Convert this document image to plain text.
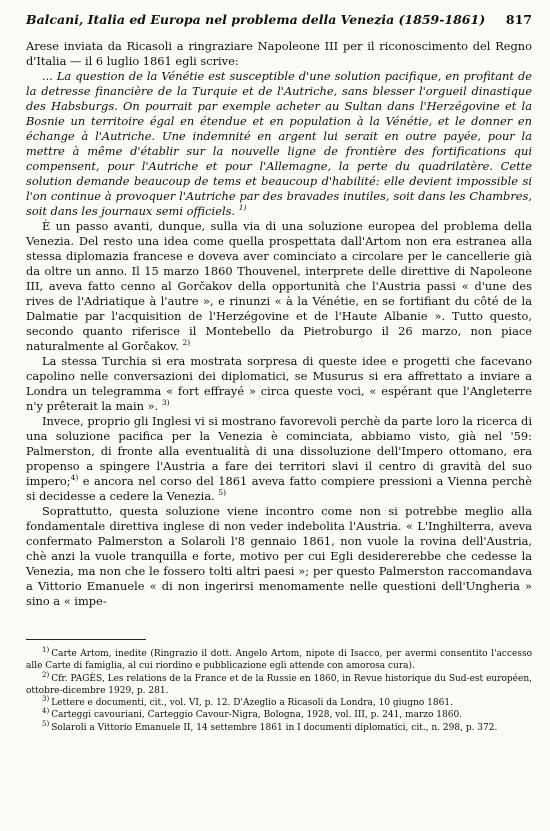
Balcani, Italia ed Europa nel problema della Venezia (1859-1861) 817

Arese inviata da Ricasoli a ringraziare Napoleone III per il riconoscimento del Regno d'Italia — il 6 luglio 1861 egli scrive:

... La question de la Vénétie est susceptible d'une solution pacifique, en profitant de la detresse financière de la Turquie et de l'Autriche, sans blesser l'orgueil dinastique des Habsburgs. On pourrait par exemple acheter au Sultan dans l'Herzégovine et la Bosnie un territoire égal en étendue et en population à la Vénétie, et le donner en échange à l'Autriche. Une indemnité en argent lui serait en outre payée, pour la mettre à même d'établir sur la nouvelle ligne de frontière des fortifications qui compensent, pour l'Autriche et pour l'Allemagne, la perte du quadrilatère. Cette solution demande beaucoup de tems et beaucoup d'habilité: elle devient impossible si l'on continue à provoquer l'Autriche par des bravades inutiles, soit dans les Chambres, soit dans les journaux semi officiels. $^{1)}$

È un passo avanti, dunque, sulla via di una soluzione europea del problema della Venezia. Del resto una idea come quella prospettata dall'Artom non era estranea alla stessa diplomazia francese e doveva aver cominciato a circolare per le cancellerie già da oltre un anno. Il 15 marzo 1860 Thouvenel, interprete delle direttive di Napoleone III, aveva fatto cenno al Gorčakov della opportunità che l'Austria passi « d'une des rives de l'Adriatique à l'autre », e rinunzi « à la Vénétie, en se fortifiant du côté de la Dalmatie par l'acquisition de l'Herzégovine et de l'Haute Albanie ». Tutto questo, secondo quanto riferisce il Montebello da Pietroburgo il 26 marzo, non piace naturalmente al Gorčakov. $^{2)}$

La stessa Turchia si era mostrata sorpresa di queste idee e progetti che facevano capolino nelle conversazioni dei diplomatici, se Musurus si era affrettato a inviare a Londra un telegramma « fort effrayé » circa queste voci, « espérant que l'Angleterre n'y prêterait la main ». $^{3)}$

Invece, proprio gli Inglesi vi si mostrano favorevoli perchè da parte loro la ricerca di una soluzione pacifica per la Venezia è cominciata, abbiamo visto, già nel '59: Palmerston, di fronte alla eventualità di una dissoluzione dell'Impero ottomano, era propenso a spingere l'Austria a fare dei territori slavi il centro di gravità del suo impero;$^{4)}$ e ancora nel corso del 1861 aveva fatto compiere pressioni a Vienna perchè si decidesse a cedere la Venezia. $^{5)}$

Soprattutto, questa soluzione viene incontro come non si potrebbe meglio alla fondamentale direttiva inglese di non veder indebolita l'Austria. « L'Inghilterra, aveva confermato Palmerston a Solaroli l'8 gennaio 1861, non vuole la rovina dell'Austria, chè anzi la vuole tranquilla e forte, motivo per cui Egli desidererebbe che cedesse la Venezia, ma non che le fossero tolti altri paesi »; per questo Palmerston raccomandava a Vittorio Emanuele « di non ingerirsi menomamente nelle questioni dell'Ungheria » sino a « impe-

$^{1)}$ Carte Artom, inedite (Ringrazio il dott. Angelo Artom, nipote di Isacco, per avermi consentito l'accesso alle Carte di famiglia, al cui riordino e pubblicazione egli attende con amorosa cura).

$^{2)}$ Cfr. PAGÈS, Les relations de la France et de la Russie en 1860, in Revue historique du Sud-est européen, ottobre-dicembre 1929, p. 281.

$^{3)}$ Lettere e documenti, cit., vol. VI, p. 12. D'Azeglio a Ricasoli da Londra, 10 giugno 1861.

$^{4)}$ Carteggi cavouriani, Carteggio Cavour-Nigra, Bologna, 1928, vol. III, p. 241, marzo 1860.

$^{5)}$ Solaroli a Vittorio Emanuele II, 14 settembre 1861 in I documenti diplomatici, cit., n. 298, p. 372.
